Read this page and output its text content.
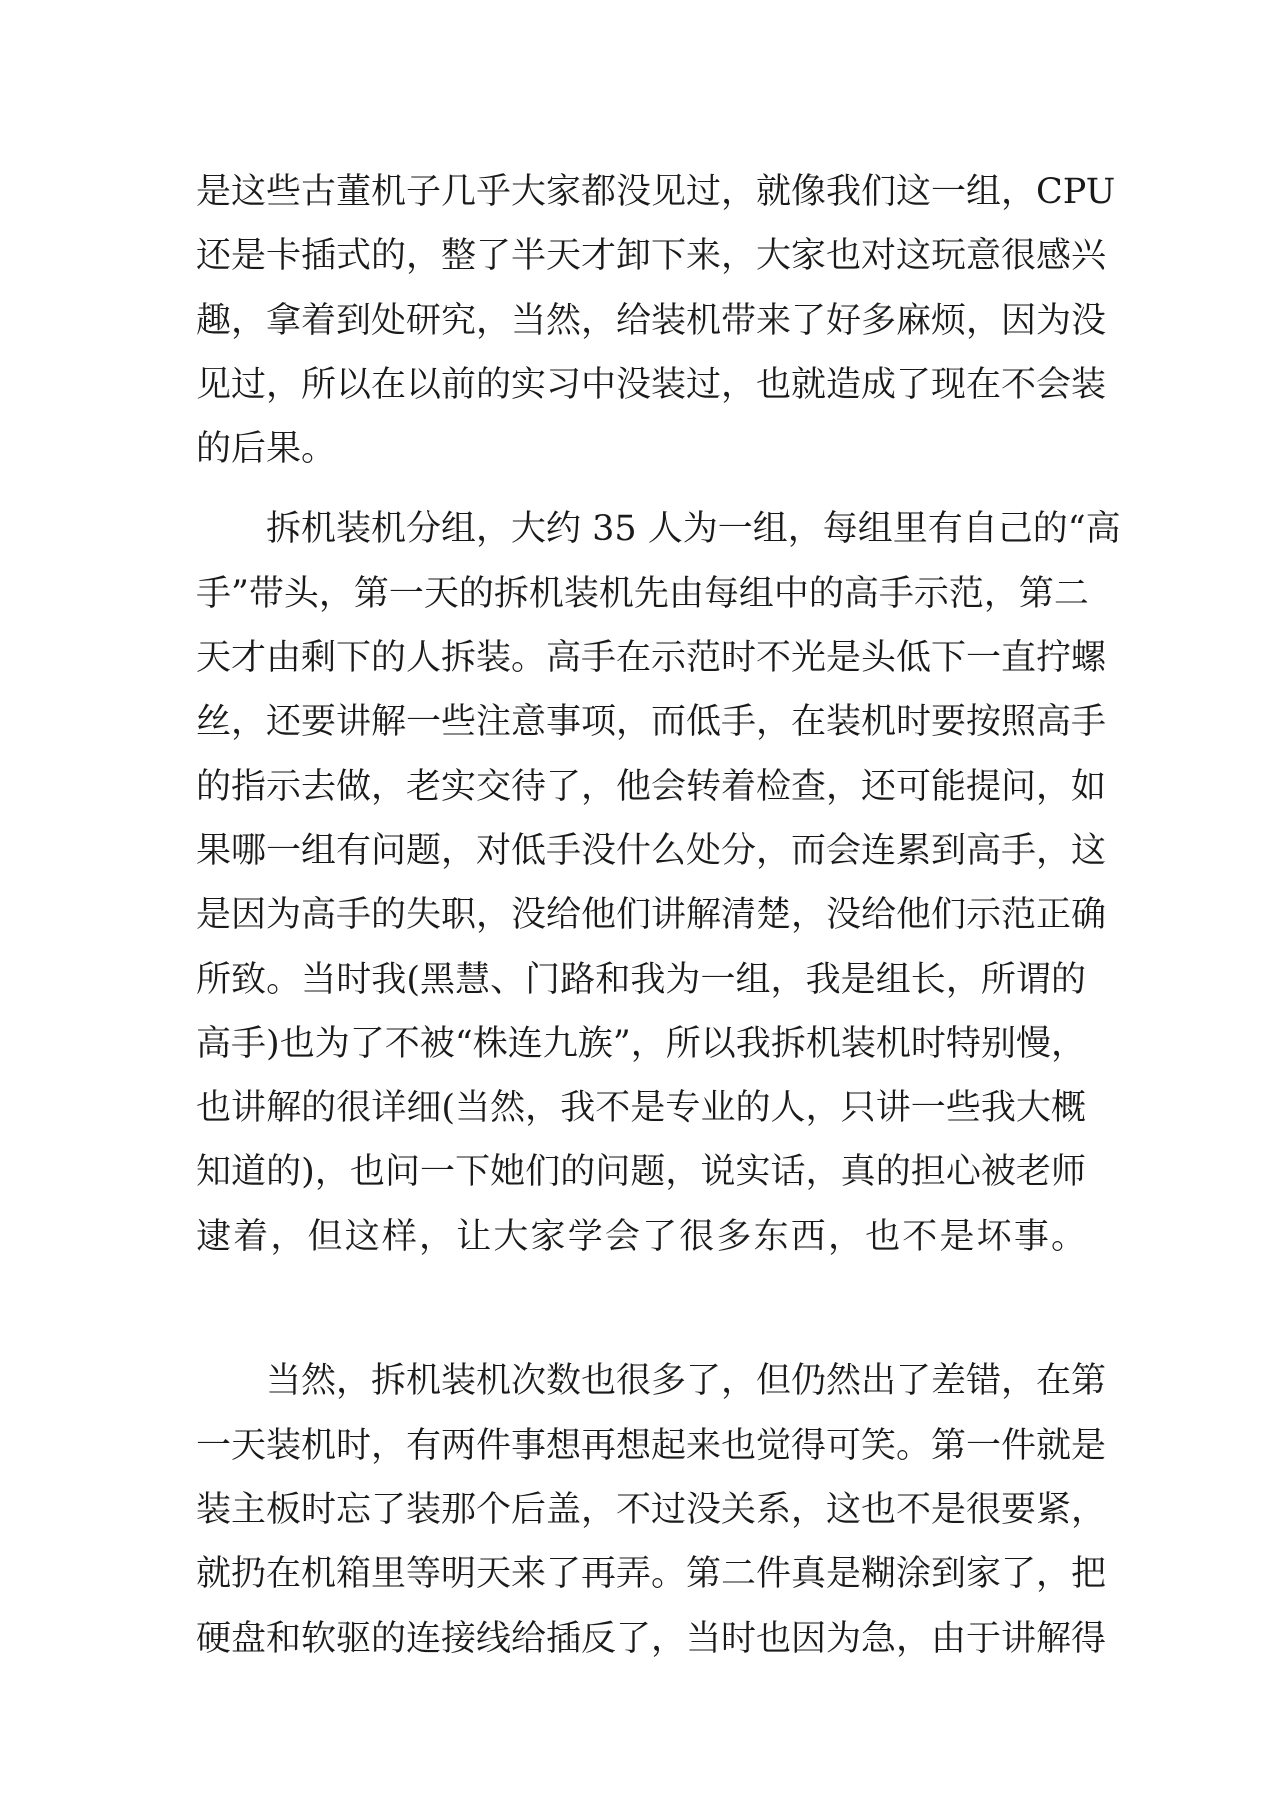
是这些古董机子几乎大家都没见过，就像我们这一组，CPU
还是卡插式的，整了半天才卸下来，大家也对这玩意很感兴
趣，拿着到处研究，当然，给装机带来了好多麻烦，因为没
见过，所以在以前的实习中没装过，也就造成了现在不会装
的后果。
拆机装机分组，大约 35 人为一组，每组里有自己的“高
手”带头，第一天的拆机装机先由每组中的高手示范，第二
天才由剩下的人拆装。高手在示范时不光是头低下一直拧螺
丝，还要讲解一些注意事项，而低手，在装机时要按照高手
的指示去做，老实交待了，他会转着检查，还可能提问，如
果哪一组有问题，对低手没什么处分，而会连累到高手，这
是因为高手的失职，没给他们讲解清楚，没给他们示范正确
所致。当时我(黑慧、门路和我为一组，我是组长，所谓的
高手)也为了不被“株连九族”，所以我拆机装机时特别慢，
也讲解的很详细(当然，我不是专业的人，只讲一些我大概
知道的)，也问一下她们的问题，说实话，真的担心被老师
逮着，但这样，让大家学会了很多东西，也不是坏事。
当然，拆机装机次数也很多了，但仍然出了差错，在第
一天装机时，有两件事想再想起来也觉得可笑。第一件就是
装主板时忘了装那个后盖，不过没关系，这也不是很要紧，
就扔在机箱里等明天来了再弄。第二件真是糊涂到家了，把
硬盘和软驱的连接线给插反了，当时也因为急，由于讲解得
